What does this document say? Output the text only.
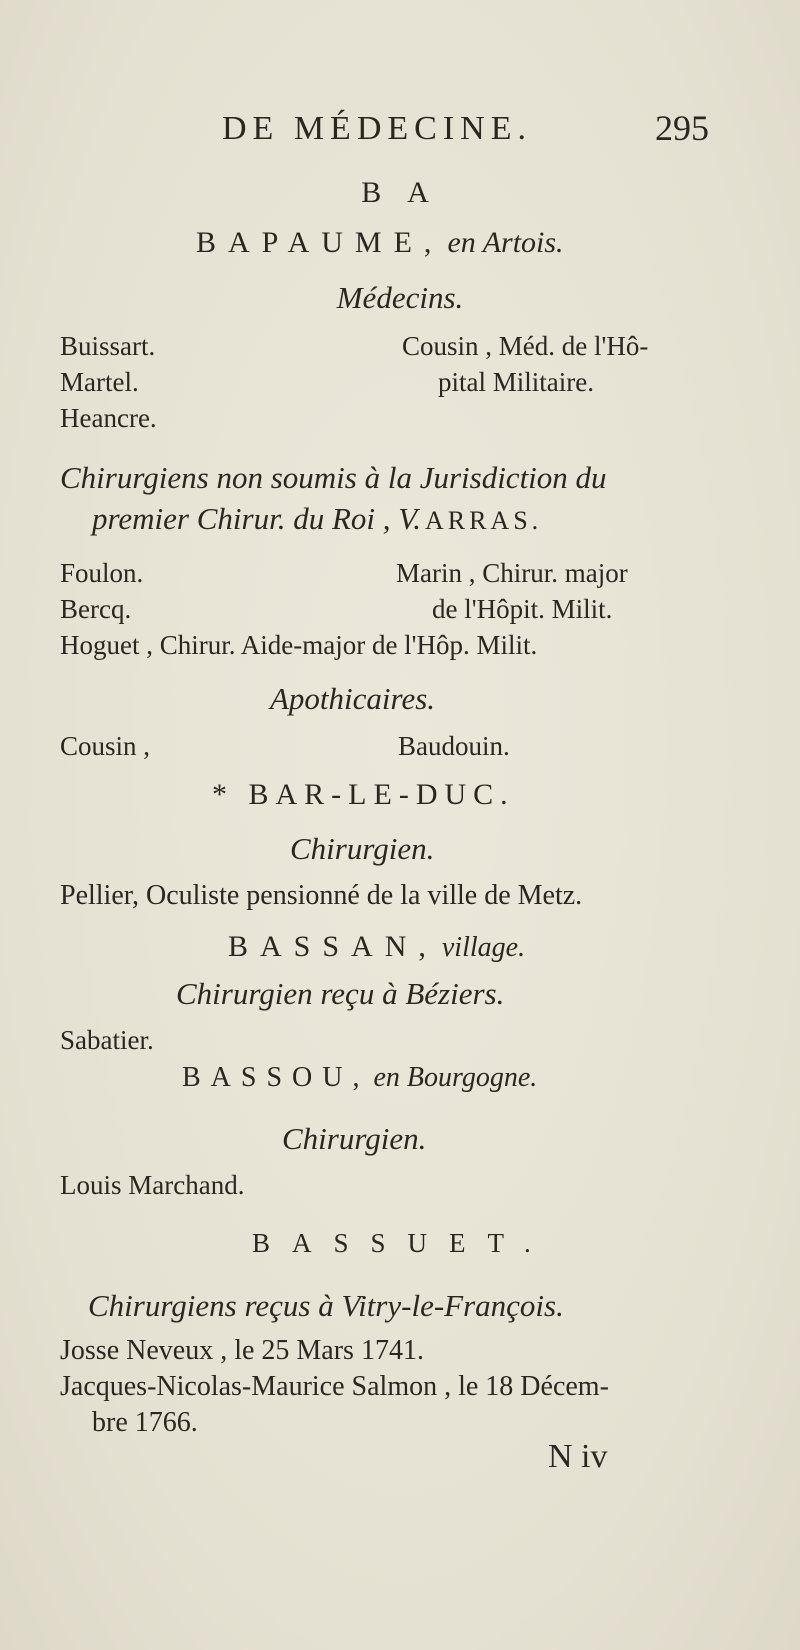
DE MÉDECINE.	295
B A
BAPAUME, en Artois.
Médecins.
Buissart.
Martel.
Heancre.
Cousin , Méd. de l'Hô-
pital Militaire.
Chirurgiens non soumis à la Jurisdiction du
premier Chirur. du Roi , V. ARRAS.
Foulon.
Bercq.
Marin , Chirur. major
de l'Hôpit. Milit.
Hoguet , Chirur. Aide-major de l'Hôp. Milit.
Apothicaires.
Cousin ,	Baudouin.
* BAR-LE-DUC.
Chirurgien.
Pellier, Oculiste pensionné de la ville de Metz.
BASSAN, village.
Chirurgien reçu à Béziers.
Sabatier.
BASSOU, en Bourgogne.
Chirurgien.
Louis Marchand.
BASSUET.
Chirurgiens reçus à Vitry-le-François.
Josse Neveux , le 25 Mars 1741.
Jacques-Nicolas-Maurice Salmon , le 18 Décem-
bre 1766.
N iv
